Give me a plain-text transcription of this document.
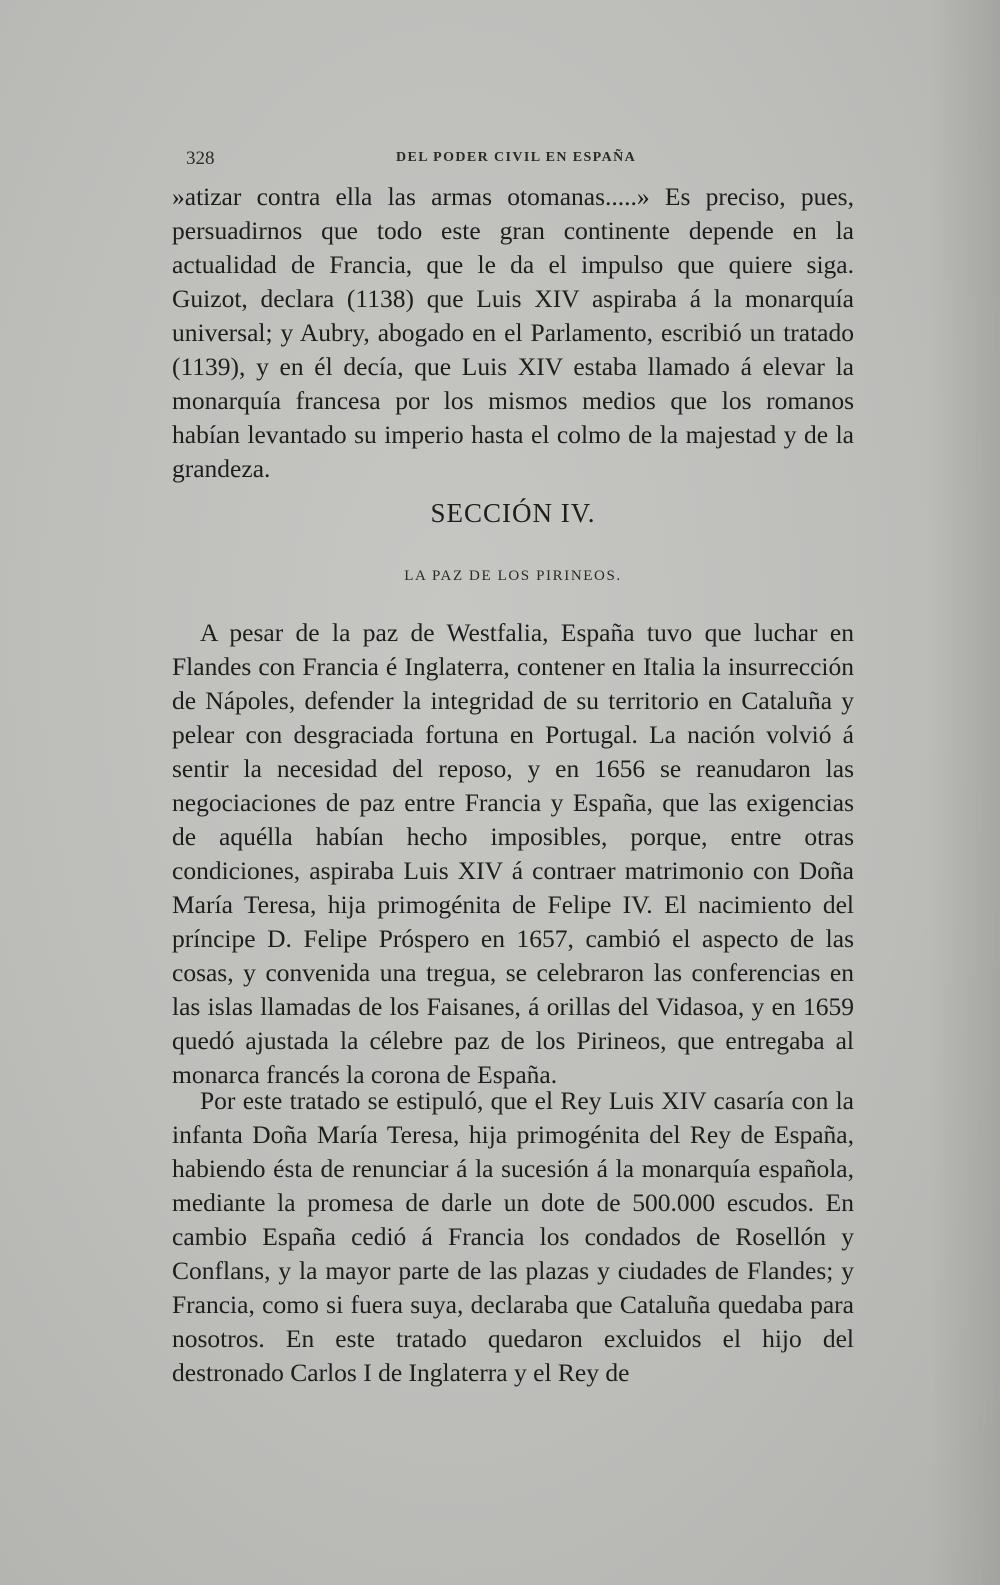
328	DEL PODER CIVIL EN ESPAÑA
»atizar contra ella las armas otomanas.....» Es preciso, pues, persuadirnos que todo este gran continente depende en la actualidad de Francia, que le da el impulso que quiere siga. Guizot, declara (1138) que Luis XIV aspiraba á la monarquía universal; y Aubry, abogado en el Parlamento, escribió un tratado (1139), y en él decía, que Luis XIV estaba llamado á elevar la monarquía francesa por los mismos medios que los romanos habían levantado su imperio hasta el colmo de la majestad y de la grandeza.
SECCIÓN IV.
LA PAZ DE LOS PIRINEOS.
A pesar de la paz de Westfalia, España tuvo que luchar en Flandes con Francia é Inglaterra, contener en Italia la insurrección de Nápoles, defender la integridad de su territorio en Cataluña y pelear con desgraciada fortuna en Portugal. La nación volvió á sentir la necesidad del reposo, y en 1656 se reanudaron las negociaciones de paz entre Francia y España, que las exigencias de aquélla habían hecho imposibles, porque, entre otras condiciones, aspiraba Luis XIV á contraer matrimonio con Doña María Teresa, hija primogénita de Felipe IV. El nacimiento del príncipe D. Felipe Próspero en 1657, cambió el aspecto de las cosas, y convenida una tregua, se celebraron las conferencias en las islas llamadas de los Faisanes, á orillas del Vidasoa, y en 1659 quedó ajustada la célebre paz de los Pirineos, que entregaba al monarca francés la corona de España.
Por este tratado se estipuló, que el Rey Luis XIV casaría con la infanta Doña María Teresa, hija primogénita del Rey de España, habiendo ésta de renunciar á la sucesión á la monarquía española, mediante la promesa de darle un dote de 500.000 escudos. En cambio España cedió á Francia los condados de Rosellón y Conflans, y la mayor parte de las plazas y ciudades de Flandes; y Francia, como si fuera suya, declaraba que Cataluña quedaba para nosotros. En este tratado quedaron excluidos el hijo del destronado Carlos I de Inglaterra y el Rey de
